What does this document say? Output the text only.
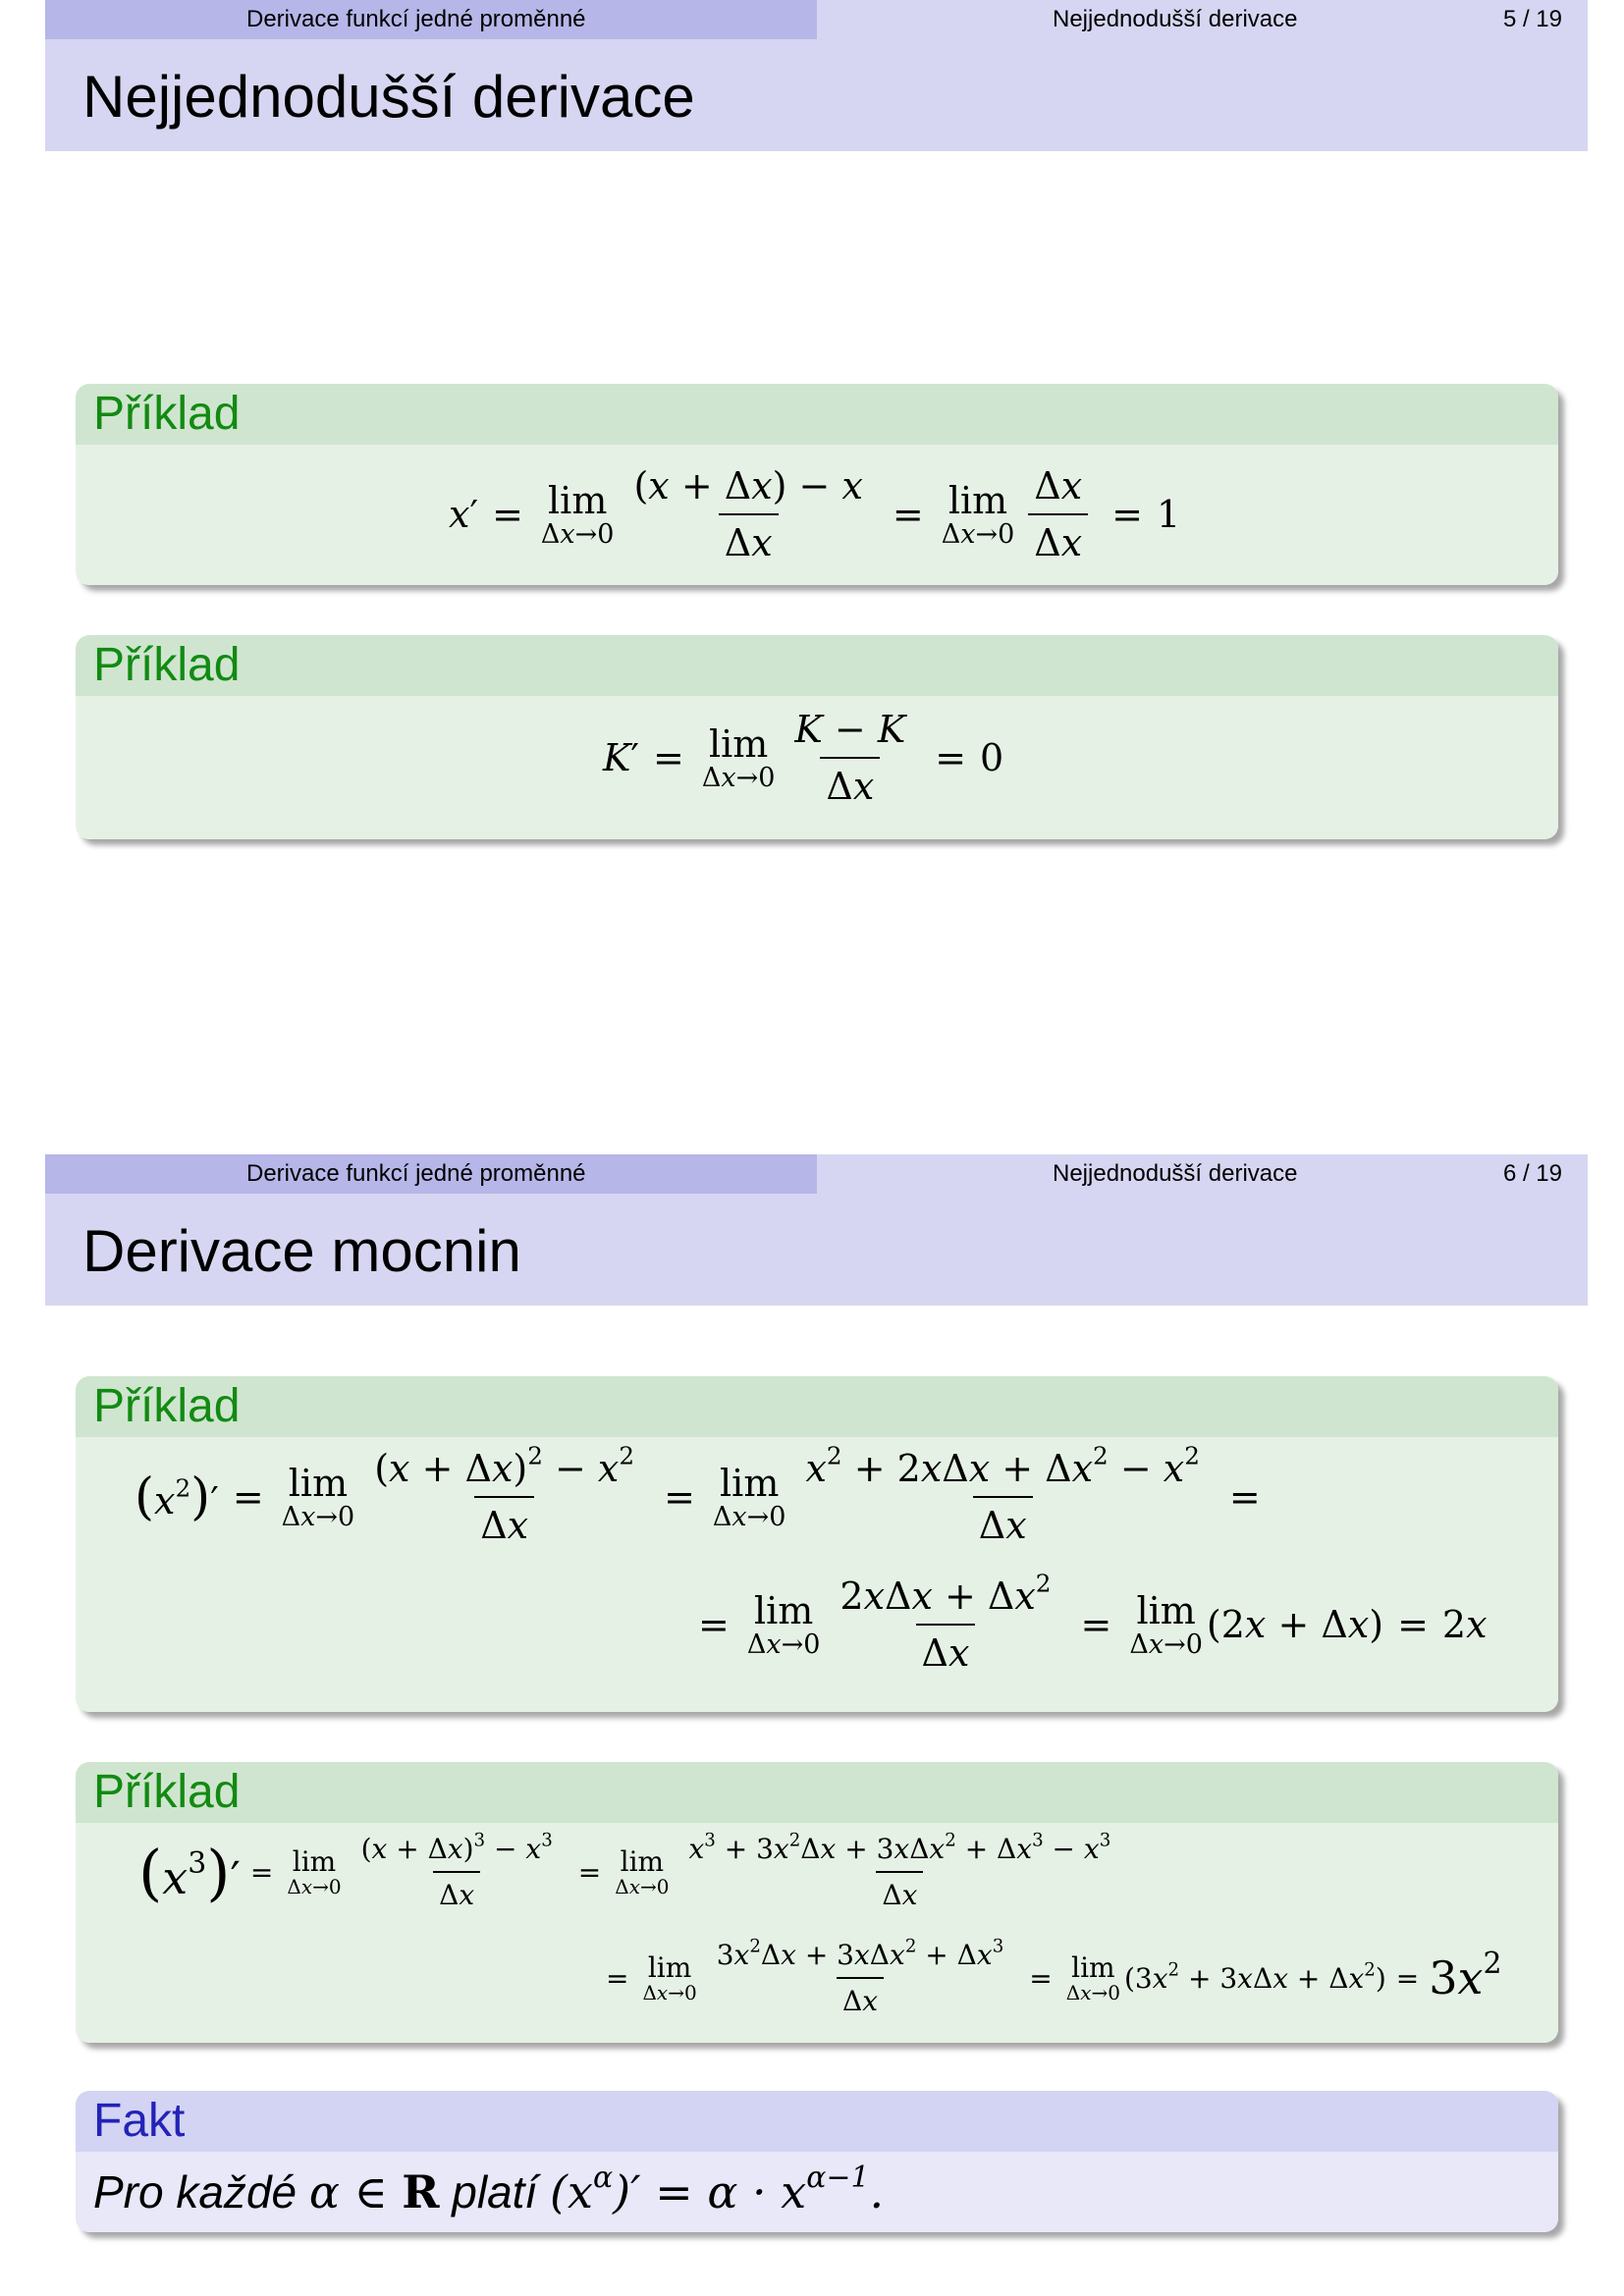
Derivace funkcí jedné proměnné	Nejjednodušší derivace	5 / 19
Nejjednodušší derivace
Příklad
x′ = lim
$\Delta x\to 0 \frac{(x + \Delta x) - x}{\Delta x} = \lim$
$\Delta x\to 0 \frac{\Delta x}{\Delta x} = 1$
Příklad
K′ = lim
$\Delta x\to 0 \frac{K - K}{\Delta x} = 0$
Derivace funkcí jedné proměnné	Nejjednodušší derivace	6 / 19
Derivace mocnin
Příklad
$(x^2)' = \lim$
$\Delta x\to 0 \frac{(x + \Delta x)^2 - x^2}{\Delta x} = \lim$
$\Delta x\to 0 \frac{x^2 + 2x\Delta x + \Delta x^2 - x^2}{\Delta x}$ =
= lim
$\Delta x\to 0 \frac{2x\Delta x + \Delta x^2}{\Delta x} = \lim$
Δx→0 (2x + Δx) = 2x
Příklad
$(x^3)' = \lim$
$\Delta x\to 0 \frac{(x + \Delta x)^3 - x^3}{\Delta x} = \lim$
$\Delta x\to 0 \frac{x^3 + 3x^2\Delta x + 3x\Delta x^2 + \Delta x^3 - x^3}{\Delta x}$
= lim
$\Delta x\to 0 \frac{3x^2\Delta x + 3x\Delta x^2 + \Delta x^3}{\Delta x} = \lim$
Δx→0 $(3x^2 + 3x\Delta x + \Delta x^2) = 3x^2$
Fakt
Pro každé α ∈ R platí $(x^\alpha)' = \alpha \cdot x^{\alpha-1}$.
